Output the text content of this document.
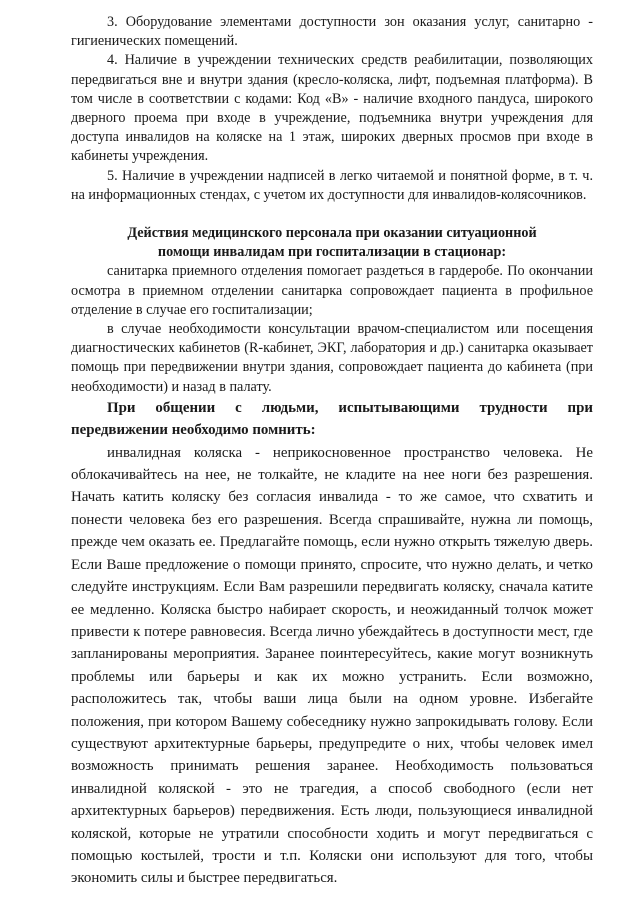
3. Оборудование элементами доступности зон оказания услуг, санитарно - гигиенических помещений.

4. Наличие в учреждении технических средств реабилитации, позволяющих передвигаться вне и внутри здания (кресло-коляска, лифт, подъемная платформа). В том числе в соответствии с кодами: Код «В» - наличие входного пандуса, широкого дверного проема при входе в учреждение, подъемника внутри учреждения для доступа инвалидов на коляске на 1 этаж, широких дверных просмов при входе в кабинеты учреждения.

5. Наличие в учреждении надписей в легко читаемой и понятной форме, в т. ч. на информационных стендах, с учетом их доступности для инвалидов-колясочников.

Действия медицинского персонала при оказании ситуационной

помощи инвалидам при госпитализации в стационар:

санитарка приемного отделения помогает раздеться в гардеробе. По окончании осмотра в приемном отделении санитарка сопровождает пациента в профильное отделение в случае его госпитализации;

в случае необходимости консультации врачом-специалистом или посещения диагностических кабинетов (R-кабинет, ЭКГ, лаборатория и др.) санитарка оказывает помощь при передвижении внутри здания, сопровождает пациента до кабинета (при необходимости) и назад в палату.

При общении с людьми, испытывающими трудности при передвижении необходимо помнить:

инвалидная коляска - неприкосновенное пространство человека. Не облокачивайтесь на нее, не толкайте, не кладите на нее ноги без разрешения. Начать катить коляску без согласия инвалида - то же самое, что схватить и понести человека без его разрешения. Всегда спрашивайте, нужна ли помощь, прежде чем оказать ее. Предлагайте помощь, если нужно открыть тяжелую дверь. Если Ваше предложение о помощи принято, спросите, что нужно делать, и четко следуйте инструкциям. Если Вам разрешили передвигать коляску, сначала катите ее медленно. Коляска быстро набирает скорость, и неожиданный толчок может привести к потере равновесия. Всегда лично убеждайтесь в доступности мест, где запланированы мероприятия. Заранее поинтересуйтесь, какие могут возникнуть проблемы или барьеры и как их можно устранить. Если возможно, расположитесь так, чтобы ваши лица были на одном уровне. Избегайте положения, при котором Вашему собеседнику нужно запрокидывать голову. Если существуют архитектурные барьеры, предупредите о них, чтобы человек имел возможность принимать решения заранее. Необходимость пользоваться инвалидной коляской - это не трагедия, а способ свободного (если нет архитектурных барьеров) передвижения. Есть люди, пользующиеся инвалидной коляской, которые не утратили способности ходить и могут передвигаться с помощью костылей, трости и т.п. Коляски они используют для того, чтобы экономить силы и быстрее передвигаться.
